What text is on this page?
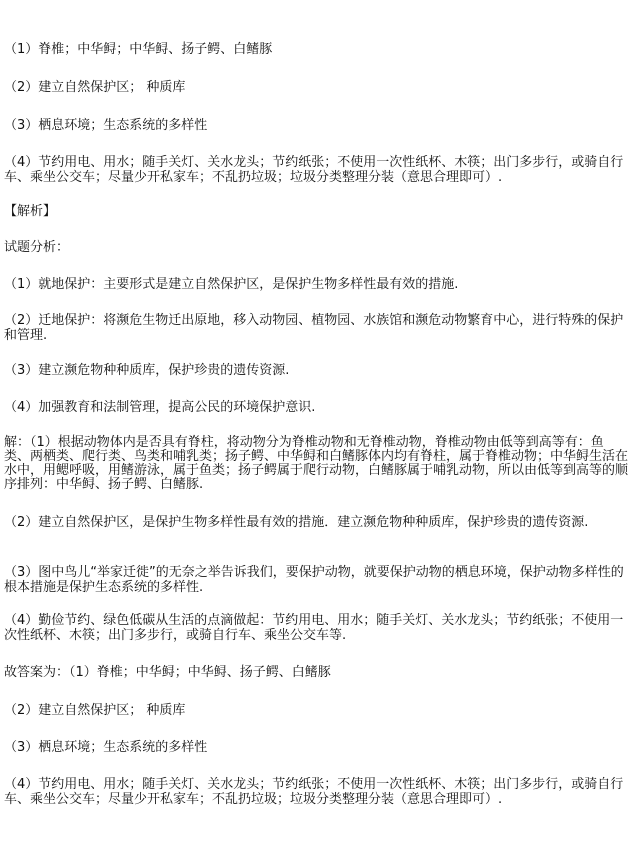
（1）脊椎；中华鲟；中华鲟、扬子鳄、白鳍豚
（2）建立自然保护区； 种质库
（3）栖息环境；生态系统的多样性
（4）节约用电、用水；随手关灯、关水龙头；节约纸张；不使用一次性纸杯、木筷；出门多步行，或骑自行车、乘坐公交车；尽量少开私家车；不乱扔垃圾；垃圾分类整理分装（意思合理即可）.
【解析】
试题分析：
（1）就地保护：主要形式是建立自然保护区，是保护生物多样性最有效的措施.
（2）迁地保护：将濒危生物迁出原地，移入动物园、植物园、水族馆和濒危动物繁育中心，进行特殊的保护和管理.
（3）建立濒危物种种质库，保护珍贵的遗传资源.
（4）加强教育和法制管理，提高公民的环境保护意识.
解：（1）根据动物体内是否具有脊柱，将动物分为脊椎动物和无脊椎动物，脊椎动物由低等到高等有：鱼类、两栖类、爬行类、鸟类和哺乳类；扬子鳄、中华鲟和白鳍豚体内均有脊柱，属于脊椎动物；中华鲟生活在水中，用鳃呼吸，用鳍游泳，属于鱼类；扬子鳄属于爬行动物，白鳍豚属于哺乳动物，所以由低等到高等的顺序排列：中华鲟、扬子鳄、白鳍豚.
（2）建立自然保护区，是保护生物多样性最有效的措施．建立濒危物种种质库，保护珍贵的遗传资源.
（3）图中鸟儿“举家迁徙”的无奈之举告诉我们，要保护动物，就要保护动物的栖息环境，保护动物多样性的根本措施是保护生态系统的多样性.
（4）勤俭节约、绿色低碳从生活的点滴做起：节约用电、用水；随手关灯、关水龙头；节约纸张；不使用一次性纸杯、木筷；出门多步行，或骑自行车、乘坐公交车等.
故答案为：（1）脊椎；中华鲟；中华鲟、扬子鳄、白鳍豚
（2）建立自然保护区； 种质库
（3）栖息环境；生态系统的多样性
（4）节约用电、用水；随手关灯、关水龙头；节约纸张；不使用一次性纸杯、木筷；出门多步行，或骑自行车、乘坐公交车；尽量少开私家车；不乱扔垃圾；垃圾分类整理分装（意思合理即可）.
